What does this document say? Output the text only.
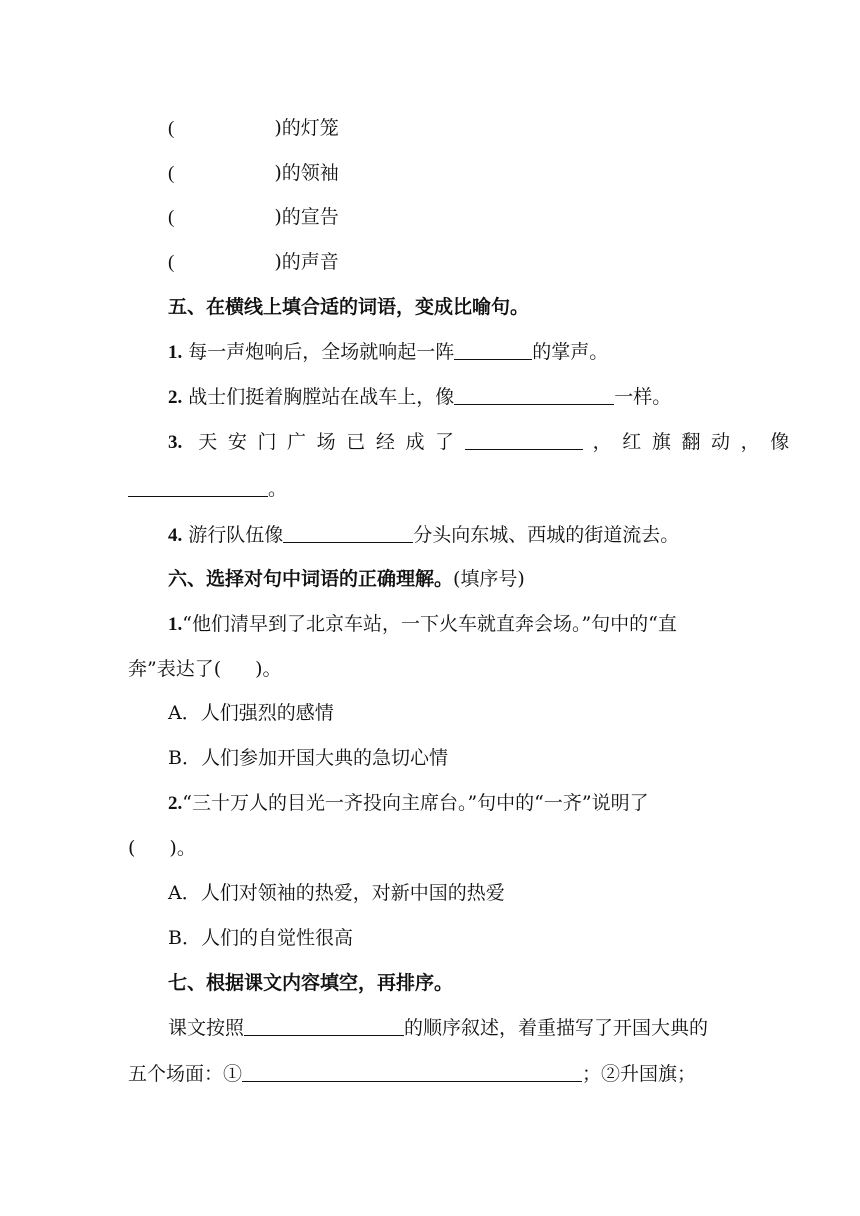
(	)的灯笼
(	)的领袖
(	)的宣告
(	)的声音
五、在横线上填合适的词语，变成比喻句。
1. 每一声炮响后，全场就响起一阵	的掌声。
2. 战士们挺着胸膛站在战车上，像	一样。
3. 天安门广场已经成了	，红旗翻动，像
。
4. 游行队伍像	分头向东城、西城的街道流去。
六、选择对句中词语的正确理解。(填序号)
1.“他们清早到了北京车站，一下火车就直奔会场。”句中的“直
奔”表达了( )。
A．人们强烈的感情
B．人们参加开国大典的急切心情
2.“三十万人的目光一齐投向主席台。”句中的“一齐”说明了
( )。
A．人们对领袖的热爱，对新中国的热爱
B．人们的自觉性很高
七、根据课文内容填空，再排序。
课文按照	的顺序叙述，着重描写了开国大典的
五个场面：①	；②升国旗；
